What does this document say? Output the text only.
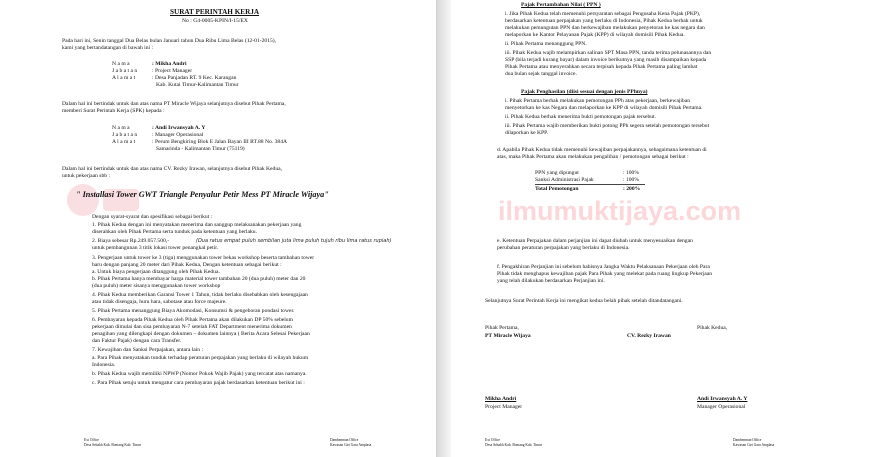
SURAT PERINTAH KERJA
No : G4-0005-KPIN/I-15/EX
Pada hari ini, Senin tanggal Dua Belas bulan Januari tahun Dua Ribu Lima Belas (12-01-2015),
kami yang bertandatangan di bawah ini :
N a m a
J a b a t a n
A l a m a t
: Mikha Andri
: Project Manager
: Desa Panjadan RT. 9 Kec. Karangan
Kab. Kutai Timur-Kalimantan Timur
Dalam hal ini bertindak untuk dan atas nama PT Miracle Wijaya selanjutnya disebut Pihak Pertama,
memberi Surat Perintah Kerja (SPK) kepada :
N a m a
J a b a t a n
A l a m a t
: Andi Irwansyah A. Y
: Manager Operasional
: Perum Bengkiring Blok E Jalan Bayan III RT.88 No. 384A
Samarinda - Kalimantan Timur (75119)
Dalam hal ini bertindak untuk dan atas nama CV. Rezky Irawan, selanjutnya disebut Pihak Kedua,
untuk pekerjaan sbb :
" Installasi Tower GWT Triangle Penyalur Petir Mess PT Miracle Wijaya"
Dengan syarat-syarat dan spesifikasi sebagai berikut :
1. Pihak Kedua dengan ini menyatakan menerima dan sanggup melaksanakan pekerjaan yang
diserahkan oleh Pihak Pertama serta tunduk pada ketentuan yang berlaku.
2. Biaya sebesar Rp.249.057.500,-	(Dua ratus empat puluh sembilan juta lima puluh tujuh ribu lima ratus rupiah)
untuk pembangunan 3 titik lokasi tower penangkal petir.
3. Pengerjaan untuk tower ke 3 (tiga) menggunakan tower bekas workshop beserta tambahan tower
baru dengan panjang 20 meter dari Pihak Kedua, Dengan ketentuan sebagai berikut :
a. Untuk biaya pengerjaan ditanggung oleh Pihak Kedua.
b. Pihak Pertama hanya membayar harga material tower tambahan 20 (dua puluh) meter dan 20
(dua puluh) meter sisanya menggunakan tower workshop
4. Pihak Kedua memberikan Garansi Tower 1 Tahun, tidak berlaku disebabkan oleh kesengajaan
atau tidak disengaja, huru hara, sabotase atau force majeure.
5. Pihak Pertama menanggung Biaya Akomodasi, Konsumsi & pengeboran pondasi tower.
6. Pembayaran kepada Pihak Kedua oleh Pihak Pertama akan dilakukan DP 50% sebelum
pekerjaan dimulai dan sisa pembayaran N-7 setelah FAT Department menerima dokumen
penagihan yang dilengkapi dengan dokumen – dokumen lainnya ( Berita Acara Selesai Pekerjaan
dan Faktur Pajak) dengan cara Transfer.
7. Kewajiban dan Sanksi Perpajakan, antara lain :
a. Para Pihak menyatakan tunduk terhadap peraturan perpajakan yang berlaku di wilayah hukum
Indonesia.
b. Pihak Kedua wajib memiliki NPWP (Nomor Pokok Wajib Pajak) yang tercatat atas namanya.
c. Para Pihak setuju untuk mengatur cara pembayaran pajak berdasarkan ketentuan berikut ini :
Ext Office
Desa Sebakh Kab. Bontang Kab. Timur
Dambenman Office
Kawasan Giri Gara Amplasa
Pajak Pertambahan Nilai ( PPN )
i. Jika Pihak Kedua telah memenuhi persyaratan sebagai Pengusaha Kena Pajak (PKP),
berdasarkan ketentuan perpajakan yang berlaku di Indonesia, Pihak Kedua berhak untuk
melakukan pemungutan PPN dan berkewajiban melakukan penyetoran ke kas negara dan
melaporkan ke Kantor Pelayanan Pajak (KPP) di wilayah domisili Pihak Kedua.
ii. Pihak Pertama menanggung PPN.
iii. Pihak Kedua wajib melampirkan salinan SPT Masa PPN, tanda terima pelunasannya dan
SSP (bila terjadi kurang bayar) dalam invoice berikutnya yang masih disampaikan kepada
Pihak Pertama atau menyerahkan secara terpisah kepada Pihak Pertama paling lambat
dua bulan sejak tanggal invoice.
Pajak Penghasilan (diisi sesuai dengan jenis PPhnya)
i. Pihak Pertama berhak melakukan pemotongan PPh atas pekerjaan, berkewajiban
menyetorkan ke kas Negara dan melaporkan ke KPP di wilayah domisili Pihak Pertama.
ii. Pihak Kedua berhak menerima bukti pemotongan pajak tersebut.
iii. Pihak Pertama wajib memberikan bukti potong PPh segera setelah pemotongan tersebut
dilaporkan ke KPP.
d. Apabila Pihak Kedua tidak memenuhi kewajiban perpajakannya, sebagaimana ketentuan di
atas, maka Pihak Pertama akan melakukan pengalihan / pemotongan sebagai berikut :
PPN yang dipungut
Sanksi Administrasi Pajak
Total Pemotongan
: 100%
: 100%
: 200%
e. Ketentuan Perpajakan dalam perjanjian ini dapat diubah untuk menyesuaikan dengan
perubahan peraturan perpajakan yang berlaku di Indonesia.
f. Pengakhiran Perjanjian ini sebelum habisnya Jangka Waktu Pelaksanaan Pekerjaan oleh Para
Pihak tidak menghapus kewajiban pajak Para Pihak yang melekat pada ruang lingkup Pekerjaan
yang telah dilakukan berdasarkan Perjanjian ini.
Selanjutnya Surat Perintah Kerja ini mengikat kedua belah pihak setelah ditandatangani.
Pihak Pertama,
PT Miracle Wijaya
Pihak Kedua,
CV. Rezky Irawan
Mikha Andri
Project Manager
Andi Irwansyah A. Y
Manager Operasional
Ext Office
Desa Sebakh Kab. Bontang Kab. Timur
Dambenman Office
Kawasan Giri Gara Amplasa
ilmumuktijaya.com
